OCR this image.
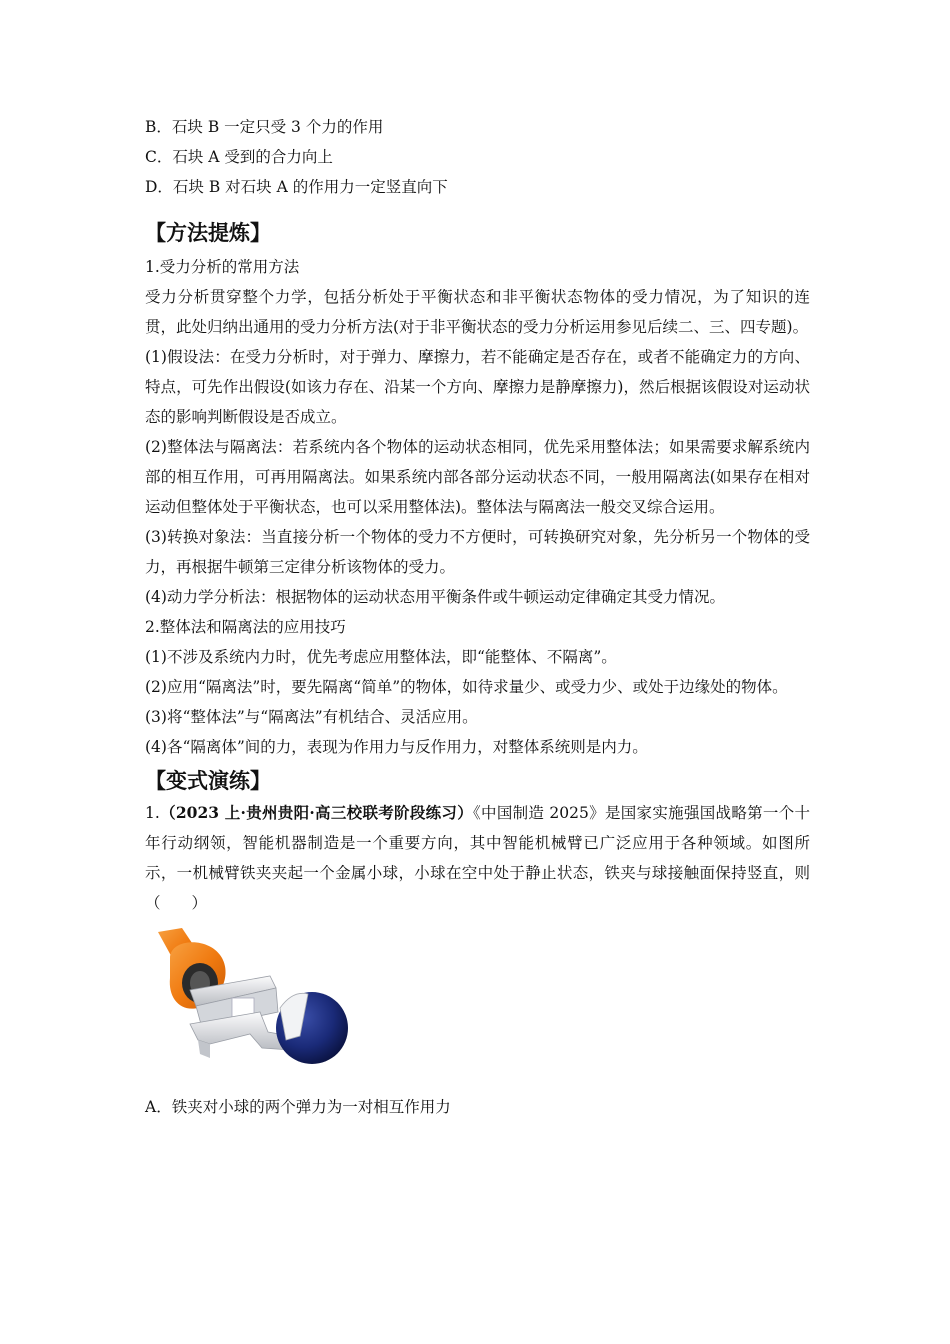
B．石块 B 一定只受 3 个力的作用
C．石块 A 受到的合力向上
D．石块 B 对石块 A 的作用力一定竖直向下
【方法提炼】
1.受力分析的常用方法
受力分析贯穿整个力学，包括分析处于平衡状态和非平衡状态物体的受力情况，为了知识的连贯，此处归纳出通用的受力分析方法(对于非平衡状态的受力分析运用参见后续二、三、四专题)。
(1)假设法：在受力分析时，对于弹力、摩擦力，若不能确定是否存在，或者不能确定力的方向、特点，可先作出假设(如该力存在、沿某一个方向、摩擦力是静摩擦力)，然后根据该假设对运动状态的影响判断假设是否成立。
(2)整体法与隔离法：若系统内各个物体的运动状态相同，优先采用整体法；如果需要求解系统内部的相互作用，可再用隔离法。如果系统内部各部分运动状态不同，一般用隔离法(如果存在相对运动但整体处于平衡状态，也可以采用整体法)。整体法与隔离法一般交叉综合运用。
(3)转换对象法：当直接分析一个物体的受力不方便时，可转换研究对象，先分析另一个物体的受力，再根据牛顿第三定律分析该物体的受力。
(4)动力学分析法：根据物体的运动状态用平衡条件或牛顿运动定律确定其受力情况。
2.整体法和隔离法的应用技巧
(1)不涉及系统内力时，优先考虑应用整体法，即“能整体、不隔离”。
(2)应用“隔离法”时，要先隔离“简单”的物体，如待求量少、或受力少、或处于边缘处的物体。
(3)将“整体法”与“隔离法”有机结合、灵活应用。
(4)各“隔离体”间的力，表现为作用力与反作用力，对整体系统则是内力。
【变式演练】
1.（2023 上·贵州贵阳·高三校联考阶段练习）《中国制造 2025》是国家实施强国战略第一个十年行动纲领，智能机器制造是一个重要方向，其中智能机械臂已广泛应用于各种领域。如图所示，一机械臂铁夹夹起一个金属小球，小球在空中处于静止状态，铁夹与球接触面保持竖直，则（　　）
A．铁夹对小球的两个弹力为一对相互作用力
